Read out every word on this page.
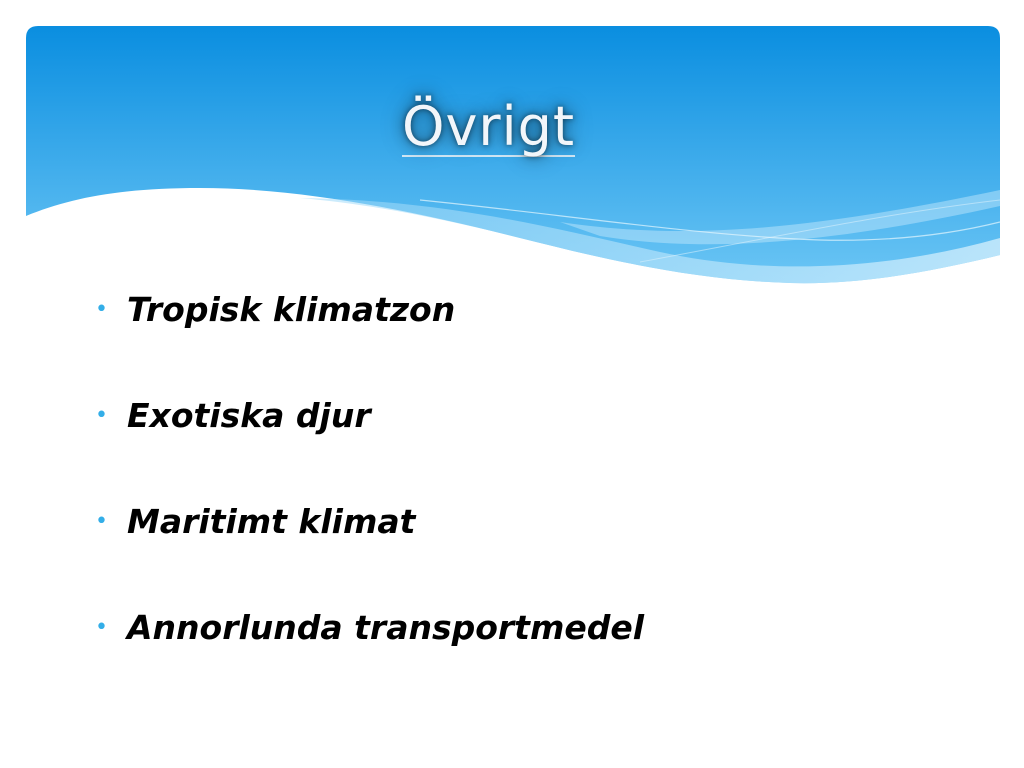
Övrigt
• Tropisk klimatzon
• Exotiska djur
• Maritimt klimat
• Annorlunda transportmedel
